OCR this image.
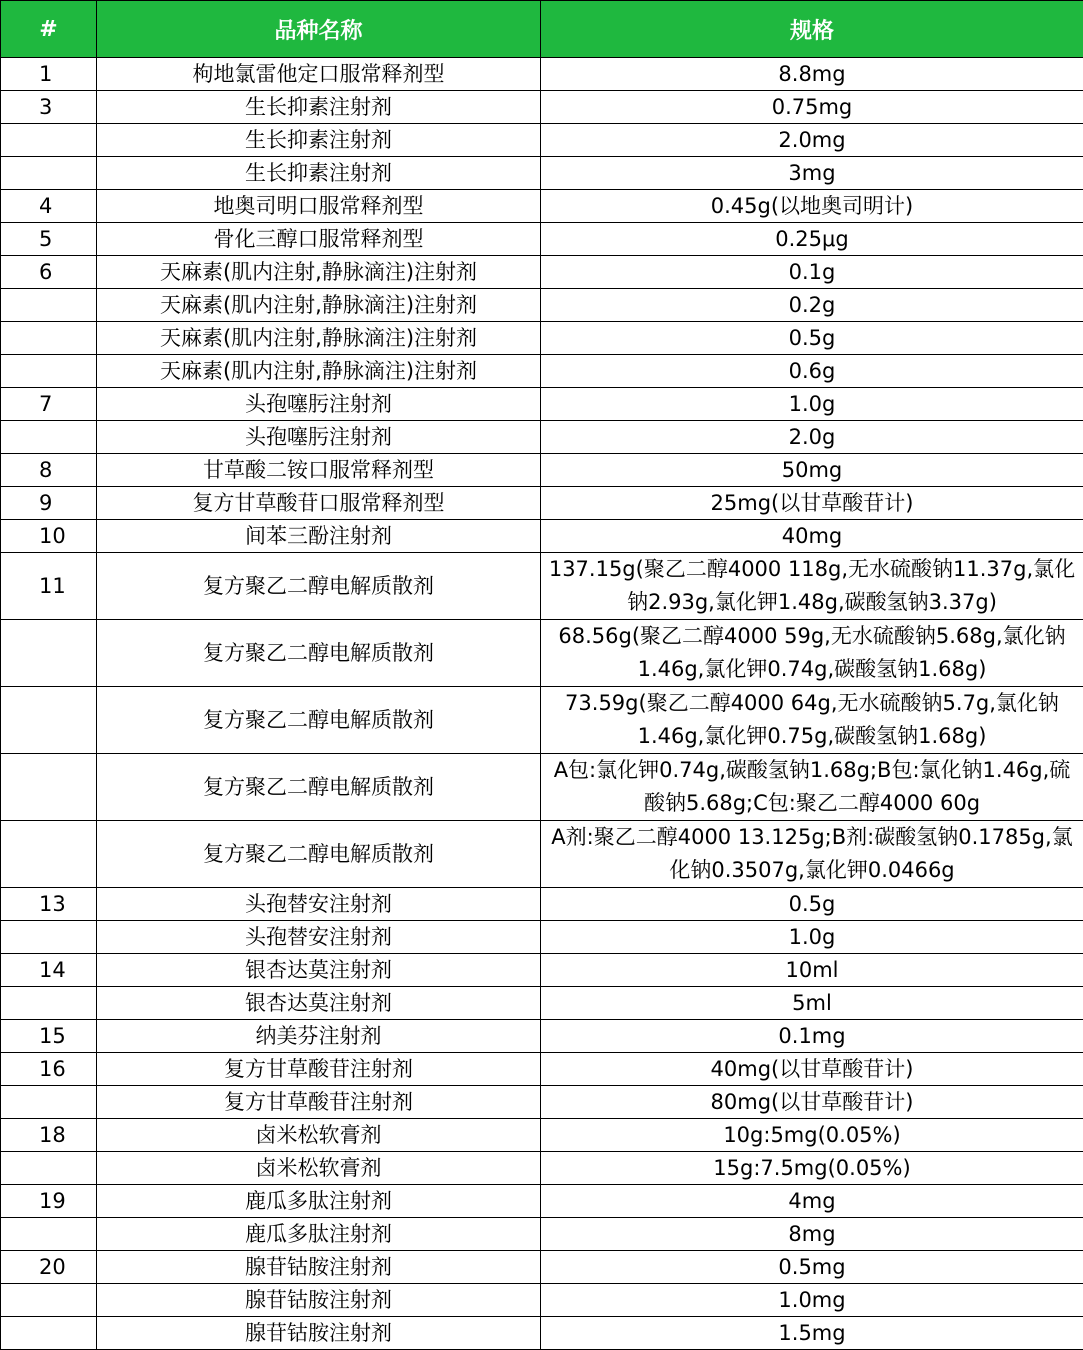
#	品种名称	规格
1	枸地氯雷他定口服常释剂型	8.8mg
3	生长抑素注射剂	0.75mg
	生长抑素注射剂	2.0mg
	生长抑素注射剂	3mg
4	地奥司明口服常释剂型	0.45g(以地奥司明计)
5	骨化三醇口服常释剂型	0.25μg
6	天麻素(肌内注射,静脉滴注)注射剂	0.1g
	天麻素(肌内注射,静脉滴注)注射剂	0.2g
	天麻素(肌内注射,静脉滴注)注射剂	0.5g
	天麻素(肌内注射,静脉滴注)注射剂	0.6g
7	头孢噻肟注射剂	1.0g
	头孢噻肟注射剂	2.0g
8	甘草酸二铵口服常释剂型	50mg
9	复方甘草酸苷口服常释剂型	25mg(以甘草酸苷计)
10	间苯三酚注射剂	40mg
11	复方聚乙二醇电解质散剂	137.15g(聚乙二醇4000 118g,无水硫酸钠11.37g,氯化钠2.93g,氯化钾1.48g,碳酸氢钠3.37g)
	复方聚乙二醇电解质散剂	68.56g(聚乙二醇4000 59g,无水硫酸钠5.68g,氯化钠1.46g,氯化钾0.74g,碳酸氢钠1.68g)
	复方聚乙二醇电解质散剂	73.59g(聚乙二醇4000 64g,无水硫酸钠5.7g,氯化钠1.46g,氯化钾0.75g,碳酸氢钠1.68g)
	复方聚乙二醇电解质散剂	A包:氯化钾0.74g,碳酸氢钠1.68g;B包:氯化钠1.46g,硫酸钠5.68g;C包:聚乙二醇4000 60g
	复方聚乙二醇电解质散剂	A剂:聚乙二醇4000 13.125g;B剂:碳酸氢钠0.1785g,氯化钠0.3507g,氯化钾0.0466g
13	头孢替安注射剂	0.5g
	头孢替安注射剂	1.0g
14	银杏达莫注射剂	10ml
	银杏达莫注射剂	5ml
15	纳美芬注射剂	0.1mg
16	复方甘草酸苷注射剂	40mg(以甘草酸苷计)
	复方甘草酸苷注射剂	80mg(以甘草酸苷计)
18	卤米松软膏剂	10g:5mg(0.05%)
	卤米松软膏剂	15g:7.5mg(0.05%)
19	鹿瓜多肽注射剂	4mg
	鹿瓜多肽注射剂	8mg
20	腺苷钴胺注射剂	0.5mg
	腺苷钴胺注射剂	1.0mg
	腺苷钴胺注射剂	1.5mg
